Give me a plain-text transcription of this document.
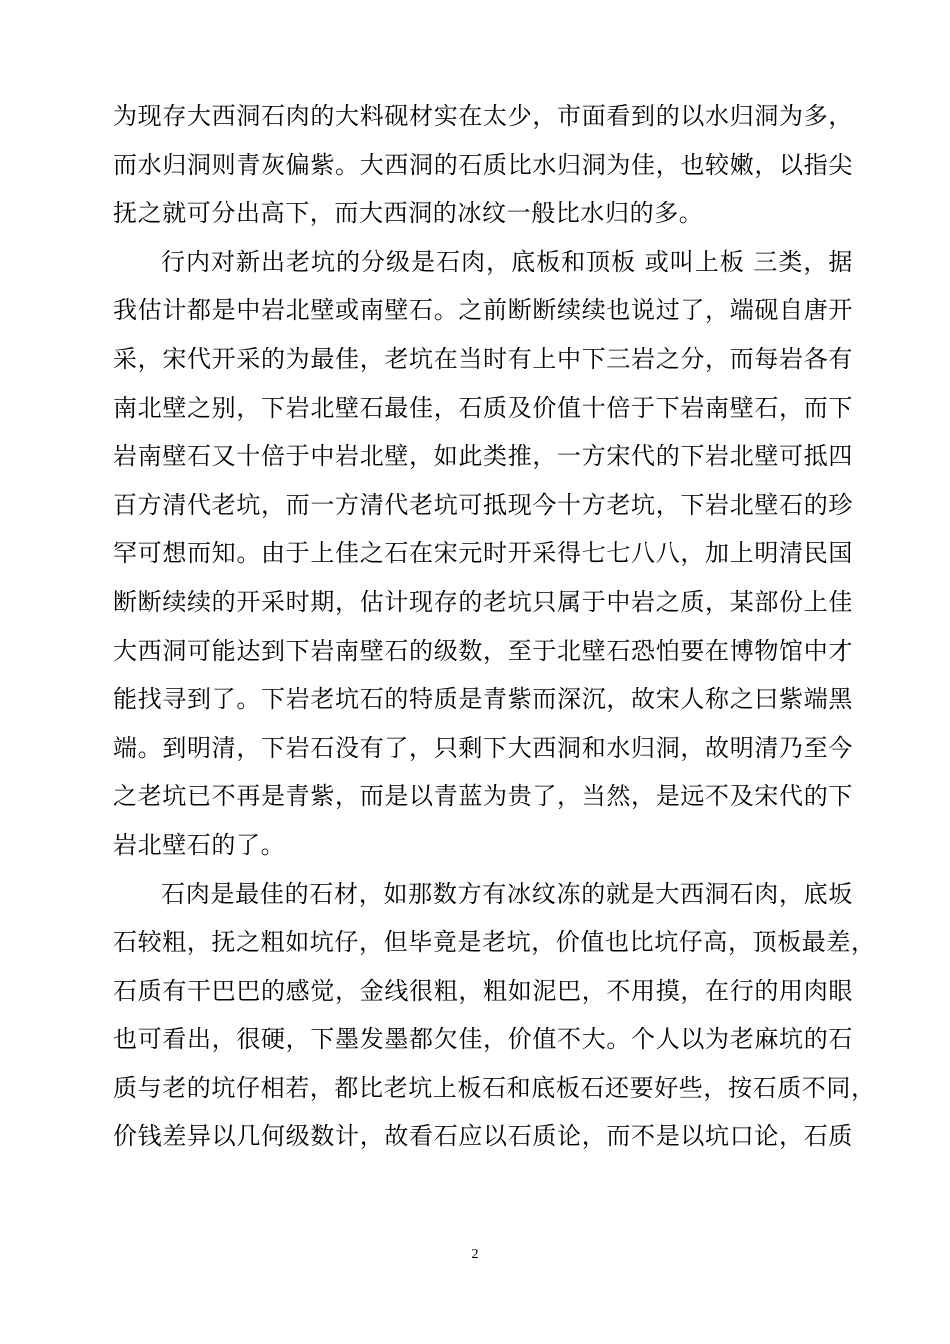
为现存大西洞石肉的大料砚材实在太少，市面看到的以水归洞为多，
而水归洞则青灰偏紫。大西洞的石质比水归洞为佳，也较嫩，以指尖
抚之就可分出高下，而大西洞的冰纹一般比水归的多。
行内对新出老坑的分级是石肉，底板和顶板 或叫上板 三类，据
我估计都是中岩北壁或南壁石。之前断断续续也说过了，端砚自唐开
采，宋代开采的为最佳，老坑在当时有上中下三岩之分，而每岩各有
南北壁之别，下岩北壁石最佳，石质及价值十倍于下岩南壁石，而下
岩南壁石又十倍于中岩北壁，如此类推，一方宋代的下岩北壁可抵四
百方清代老坑，而一方清代老坑可抵现今十方老坑，下岩北壁石的珍
罕可想而知。由于上佳之石在宋元时开采得七七八八，加上明清民国
断断续续的开采时期，估计现存的老坑只属于中岩之质，某部份上佳
大西洞可能达到下岩南壁石的级数，至于北壁石恐怕要在博物馆中才
能找寻到了。下岩老坑石的特质是青紫而深沉，故宋人称之曰紫端黑
端。到明清，下岩石没有了，只剩下大西洞和水归洞，故明清乃至今
之老坑已不再是青紫，而是以青蓝为贵了，当然，是远不及宋代的下
岩北壁石的了。
石肉是最佳的石材，如那数方有冰纹冻的就是大西洞石肉，底坂
石较粗，抚之粗如坑仔，但毕竟是老坑，价值也比坑仔高，顶板最差，
石质有干巴巴的感觉，金线很粗，粗如泥巴，不用摸，在行的用肉眼
也可看出，很硬，下墨发墨都欠佳，价值不大。个人以为老麻坑的石
质与老的坑仔相若，都比老坑上板石和底板石还要好些，按石质不同，
价钱差异以几何级数计，故看石应以石质论，而不是以坑口论，石质
2
